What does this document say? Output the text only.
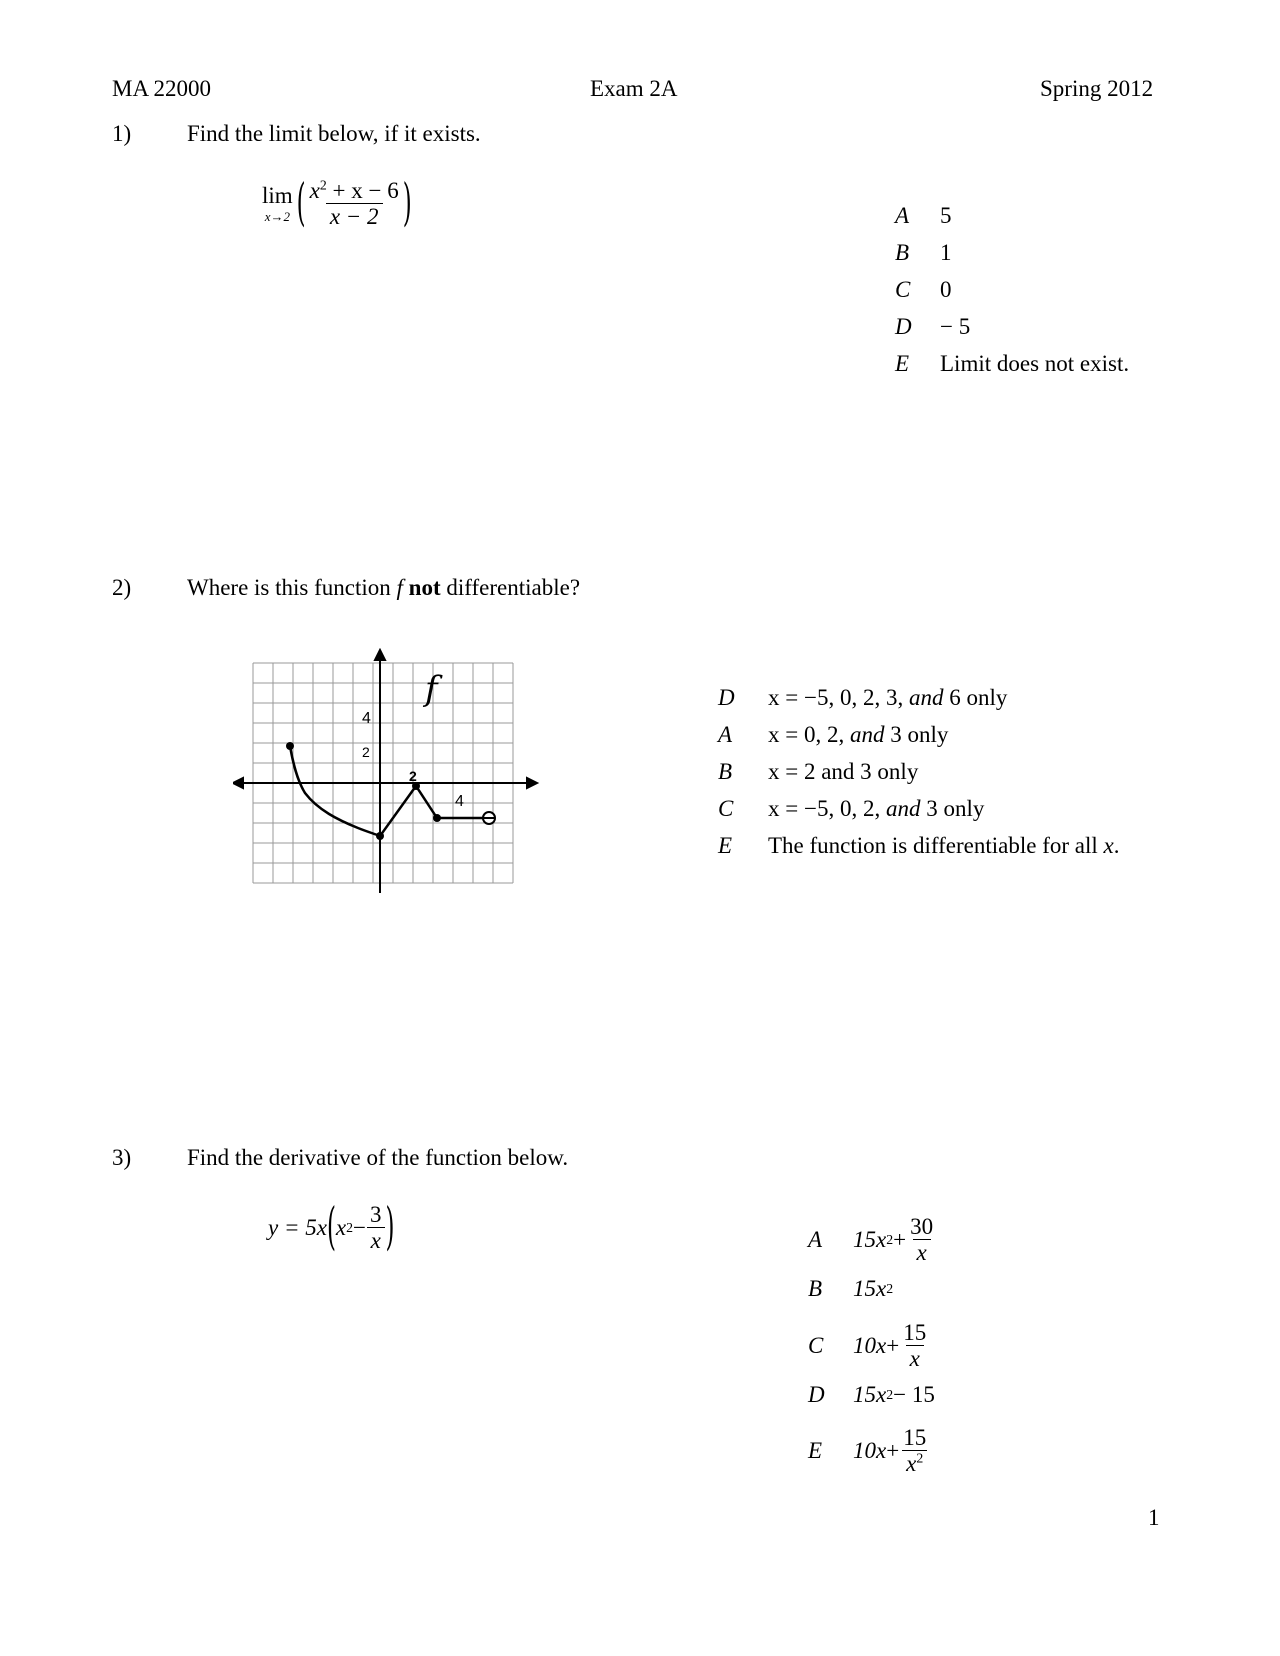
MA 22000	Exam 2A	Spring 2012
1) Find the limit below, if it exists.
lim
x→2 ( $\frac{x^2 + x - 6}{x - 2}$ )	A 5
B 1
C 0
D − 5
E Limit does not exist.
2) Where is this function f not differentiable?
f
4
2
2
4
D x = −5, 0, 2, 3, and 6 only
A x = 0, 2, and 3 only
B x = 2 and 3 only
C x = −5, 0, 2, and 3 only
E The function is differentiable for all x.
3) Find the derivative of the function below.
y = 5x ( x $2 - \frac{3}{x}$ )	A	15x $2 + \frac{30}{x}$
B	15x 2
C	$10x + \frac{15}{x}$
D	15x 2 − 15
E	$10x + \frac{15}{x^2}$
1
